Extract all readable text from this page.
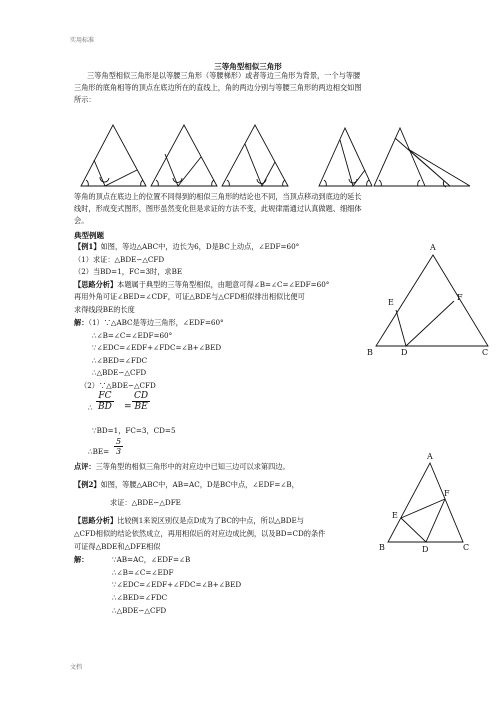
实用标准
三等角型相似三角形
三等角型相似三角形是以等腰三角形（等腰梯形）或者等边三角形为背景，一个与等腰
三角形的底角相等的顶点在底边所在的直线上，角的两边分别与等腰三角形的两边相交如图
所示：
等角的顶点在底边上的位置不同得到的相似三角形的结论也不同，当顶点移动到底边的延长
线时，形成变式图形，图形虽然变化但是求证的方法不变，此规律需通过认真做题、细细体
会。
典型例题
【例1】如图，等边△ABC中，边长为6，D是BC上动点，∠EDF=60°
（1）求证：△BDE∽△CFD
（2）当BD=1，FC=3时，求BE
【思路分析】本题属于典型的三等角型相似，由题意可得∠B=∠C=∠EDF=60°
再用外角可证∠BED=∠CDF，可证△BDE与△CFD相似排出相似比便可
求得线段BE的长度
解：（1）∵△ABC是等边三角形，∠EDF=60°
∴∠B=∠C=∠EDF=60°
∵∠EDC=∠EDF+∠FDC=∠B+∠BED
∴∠BED=∠FDC
∴△BDE∽△CFD
（2）∵△BDE∽△CFD
∴ $\frac{FC}{BD} = \frac{CD}{BE}$
∵BD=1，FC=3，CD=5
∴BE= $\frac{5}{3}$
点评：三等角型的相似三角形中的对应边中已知三边可以求第四边。
【例2】如图，等腰△ABC中，AB=AC，D是BC中点，∠EDF=∠B，
求证：△BDE∽△DFE
【思路分析】比较例1来说区别仅是点D成为了BC的中点，所以△BDE与
△CFD相似的结论依然成立，再用相似后的对应边成比例，以及BD=CD的条件
可证得△BDE和△DFE相似
解：	∵AB=AC，∠EDF=∠B
∴∠B=∠C=∠EDF
∵∠EDC=∠EDF+∠FDC=∠B+∠BED
∴∠BED=∠FDC
∴△BDE∽△CFD
A
B	D	C
E
F
A
B	D	C
E
F
文档
